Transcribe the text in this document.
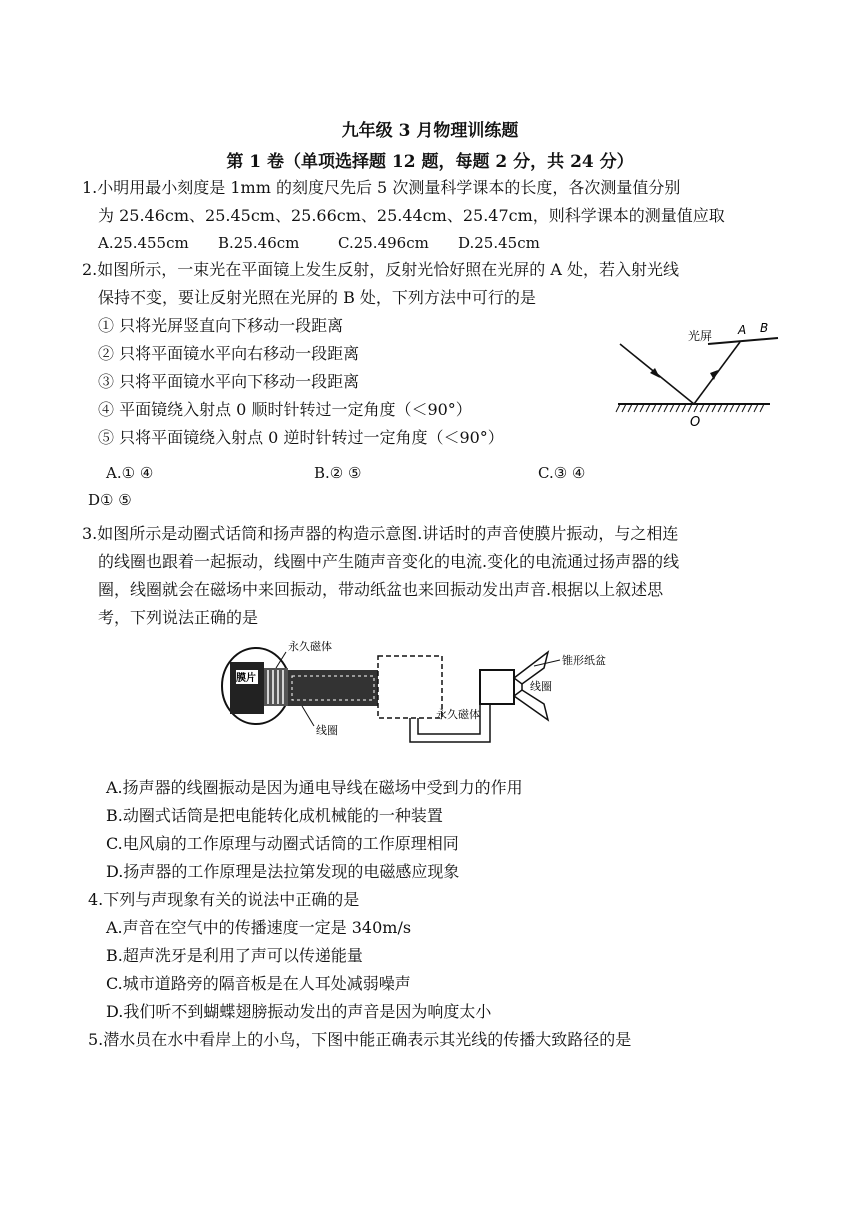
九年级 3 月物理训练题
第 1 卷（单项选择题 12 题，每题 2 分，共 24 分）
1.小明用最小刻度是 1mm 的刻度尺先后 5 次测量科学课本的长度，各次测量值分别
为 25.46cm、25.45cm、25.66cm、25.44cm、25.47cm，则科学课本的测量值应取
A.25.455cm B.25.46cm	C.25.496cm D.25.45cm
2.如图所示，一束光在平面镜上发生反射，反射光恰好照在光屏的 A 处，若入射光线
保持不变，要让反射光照在光屏的 B 处，下列方法中可行的是
① 只将光屏竖直向下移动一段距离
② 只将平面镜水平向右移动一段距离
③ 只将平面镜水平向下移动一段距离
④ 平面镜绕入射点 0 顺时针转过一定角度（＜90°）
⑤ 只将平面镜绕入射点 0 逆时针转过一定角度（＜90°）
A.① ④	B.② ⑤	C.③ ④
D① ⑤
光屏 A B
O
3.如图所示是动圈式话筒和扬声器的构造示意图.讲话时的声音使膜片振动，与之相连
的线圈也跟着一起振动，线圈中产生随声音变化的电流.变化的电流通过扬声器的线
圈，线圈就会在磁场中来回振动，带动纸盆也来回振动发出声音.根据以上叙述思
考，下列说法正确的是
膜片
永久磁体
线圈
永久磁体
锥形纸盆
线圈
A.扬声器的线圈振动是因为通电导线在磁场中受到力的作用
B.动圈式话筒是把电能转化成机械能的一种装置
C.电风扇的工作原理与动圈式话筒的工作原理相同
D.扬声器的工作原理是法拉第发现的电磁感应现象
4.下列与声现象有关的说法中正确的是
A.声音在空气中的传播速度一定是 340m/s
B.超声洗牙是利用了声可以传递能量
C.城市道路旁的隔音板是在人耳处减弱噪声
D.我们听不到蝴蝶翅膀振动发出的声音是因为响度太小
5.潜水员在水中看岸上的小鸟，下图中能正确表示其光线的传播大致路径的是
